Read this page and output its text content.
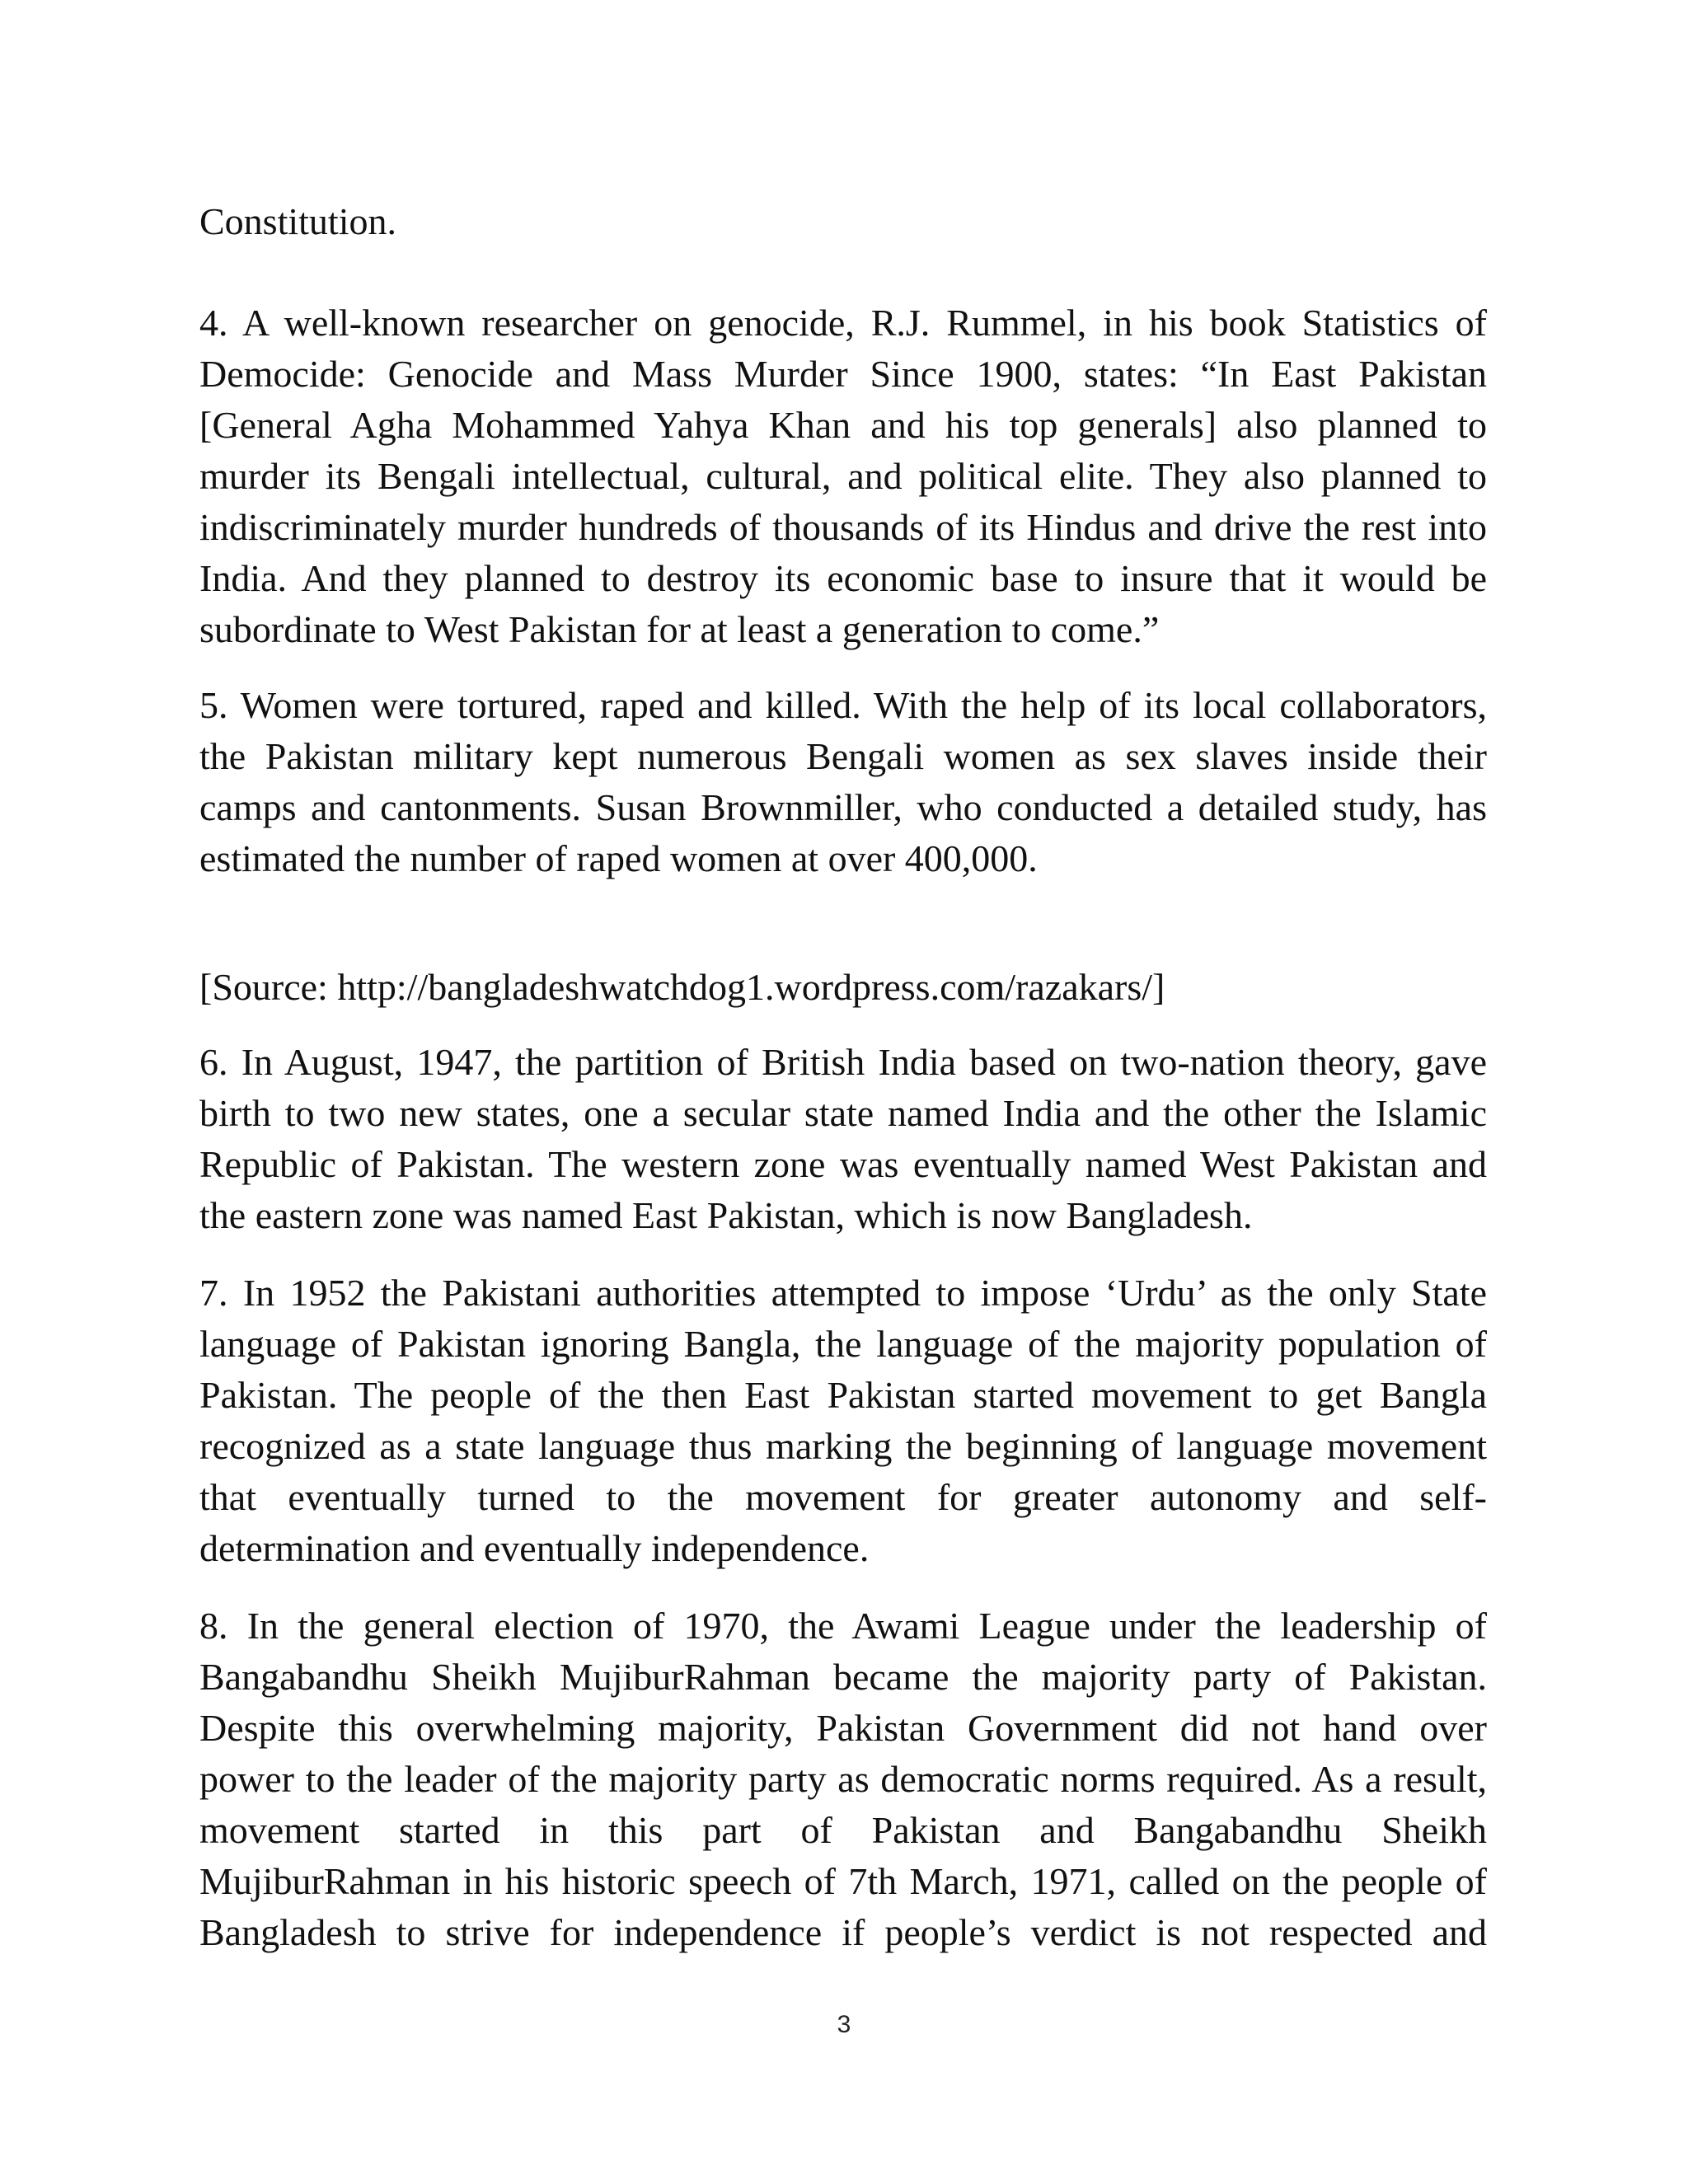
Constitution.
4. A well-known researcher on genocide, R.J. Rummel, in his book Statistics of
Democide: Genocide and Mass Murder Since 1900, states: “In East Pakistan
[General Agha Mohammed Yahya Khan and his top generals] also planned to
murder its Bengali intellectual, cultural, and political elite. They also planned to
indiscriminately murder hundreds of thousands of its Hindus and drive the rest into
India. And they planned to destroy its economic base to insure that it would be
subordinate to West Pakistan for at least a generation to come.”
5. Women were tortured, raped and killed. With the help of its local collaborators,
the Pakistan military kept numerous Bengali women as sex slaves inside their
camps and cantonments. Susan Brownmiller, who conducted a detailed study, has
estimated the number of raped women at over 400,000.
[Source: http://bangladeshwatchdog1.wordpress.com/razakars/]
6. In August, 1947, the partition of British India based on two-nation theory, gave
birth to two new states, one a secular state named India and the other the Islamic
Republic of Pakistan. The western zone was eventually named West Pakistan and
the eastern zone was named East Pakistan, which is now Bangladesh.
7. In 1952 the Pakistani authorities attempted to impose ‘Urdu’ as the only State
language of Pakistan ignoring Bangla, the language of the majority population of
Pakistan. The people of the then East Pakistan started movement to get Bangla
recognized as a state language thus marking the beginning of language movement
that eventually turned to the movement for greater autonomy and self-
determination and eventually independence.
8. In the general election of 1970, the Awami League under the leadership of
Bangabandhu Sheikh MujiburRahman became the majority party of Pakistan.
Despite this overwhelming majority, Pakistan Government did not hand over
power to the leader of the majority party as democratic norms required. As a result,
movement started in this part of Pakistan and Bangabandhu Sheikh
MujiburRahman in his historic speech of 7th March, 1971, called on the people of
Bangladesh to strive for independence if people’s verdict is not respected and
3
